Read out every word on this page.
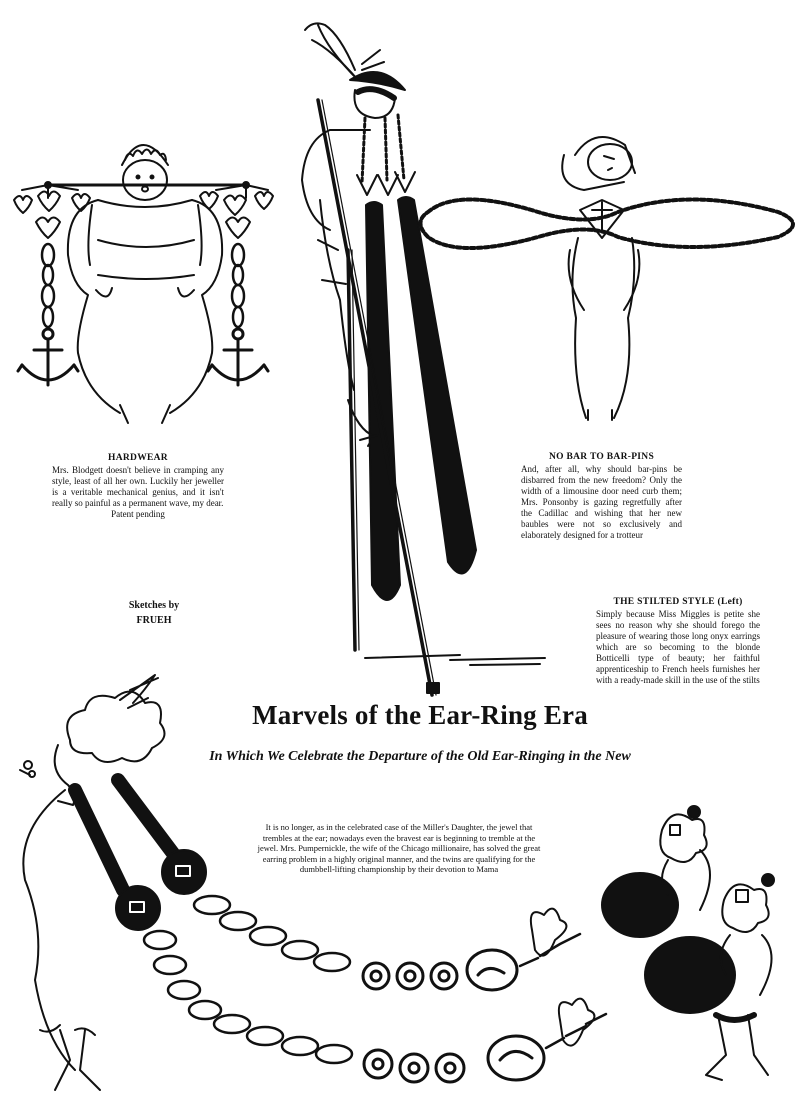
HARDWEAR
Mrs. Blodgett doesn't believe in cramping any style, least of all her own. Luckily her jeweller is a veritable mechanical genius, and it isn't really so painful as a permanent wave, my dear.
Patent pending
Sketches by
FRUEH
NO BAR TO BAR-PINS
And, after all, why should bar-pins be disbarred from the new freedom? Only the width of a limousine door need curb them; Mrs. Ponsonby is gazing regretfully after the Cadillac and wishing that her new baubles were not so exclusively and elaborately designed for a trotteur
THE STILTED STYLE (Left)
Simply because Miss Miggles is petite she sees no reason why she should forego the pleasure of wearing those long onyx earrings which are so becoming to the blonde Botticelli type of beauty; her faithful apprenticeship to French heels furnishes her with a ready-made skill in the use of the stilts
Marvels of the Ear-Ring Era
In Which We Celebrate the Departure of the Old Ear-Ringing in the New
It is no longer, as in the celebrated case of the Miller's Daughter, the jewel that trembles at the ear; nowadays even the bravest ear is beginning to tremble at the jewel. Mrs. Pumpernickle, the wife of the Chicago millionaire, has solved the great earring problem in a highly original manner, and the twins are qualifying for the dumbbell-lifting championship by their devotion to Mama
